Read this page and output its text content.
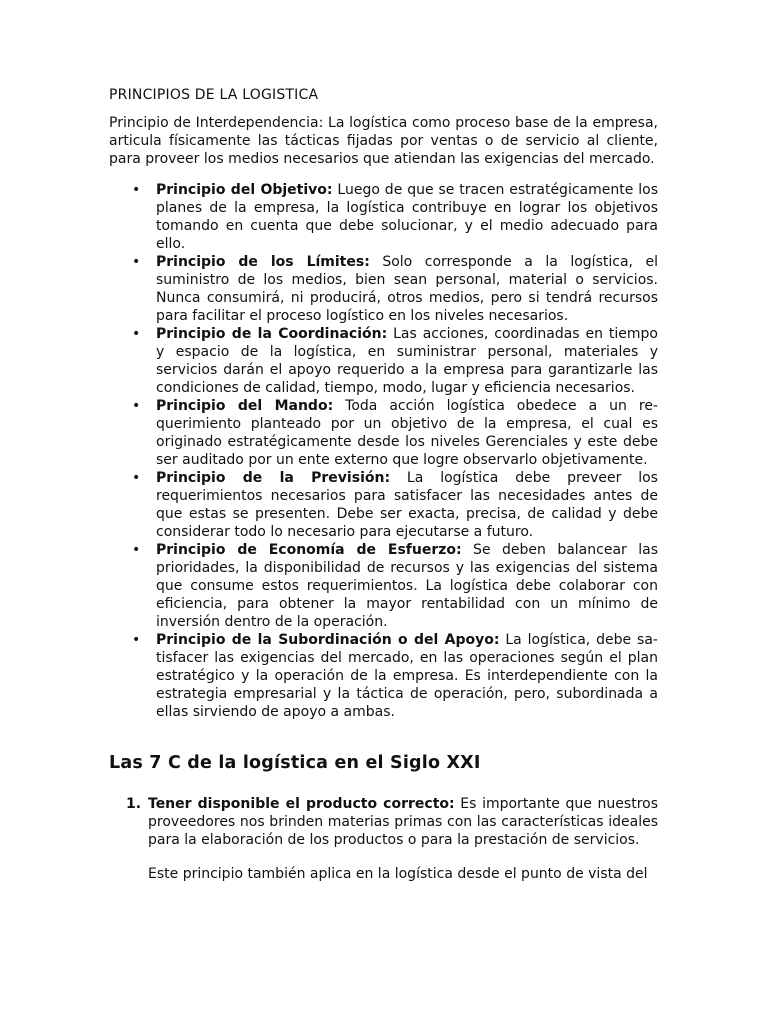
PRINCIPIOS DE LA LOGISTICA

Principio de Interdependencia: La logística como proceso base de la empresa, articula físicamente las tácticas fijadas por ventas o de servicio al cliente, para proveer los medios necesarios que atiendan las exigencias del mercado.

•	Principio del Objetivo: Luego de que se tracen estratégicamente los planes de la empresa, la logística contribuye en lograr los objetivos tomando en cuenta que debe solucionar, y el medio adecuado para ello.
•	Principio de los Límites: Solo corresponde a la logística, el suministro de los medios, bien sean personal, material o servicios. Nunca consumirá, ni producirá, otros medios, pero si tendrá recursos para facilitar el proceso logístico en los niveles necesarios.
•	Principio de la Coordinación: Las acciones, coordinadas en tiempo y espacio de la logística, en suministrar personal, materiales y servicios darán el apoyo requerido a la empresa para garantizarle las condiciones de calidad, tiempo, modo, lugar y eficiencia necesarios.
•	Principio del Mando: Toda acción logística obedece a un re-querimiento planteado por un objetivo de la empresa, el cual es originado estratégicamente desde los niveles Gerenciales y este debe ser auditado por un ente externo que logre observarlo objetivamente.
•	Principio de la Previsión: La logística debe preveer los requerimientos necesarios para satisfacer las necesidades antes de que estas se presenten. Debe ser exacta, precisa, de calidad y debe considerar todo lo necesario para ejecutarse a futuro.
•	Principio de Economía de Esfuerzo: Se deben balancear las prioridades, la disponibilidad de recursos y las exigencias del sistema que consume estos requerimientos. La logística debe colaborar con eficiencia, para obtener la mayor rentabilidad con un mínimo de inversión dentro de la operación.
•	Principio de la Subordinación o del Apoyo: La logística, debe sa-tisfacer las exigencias del mercado, en las operaciones según el plan estratégico y la operación de la empresa. Es interdependiente con la estrategia empresarial y la táctica de operación, pero, subordinada a ellas sirviendo de apoyo a ambas.
Las 7 C de la logística en el Siglo XXI
1. Tener disponible el producto correcto: Es importante que nuestros proveedores nos brinden materias primas con las características ideales para la elaboración de los productos o para la prestación de servicios.

Este principio también aplica en la logística desde el punto de vista del
